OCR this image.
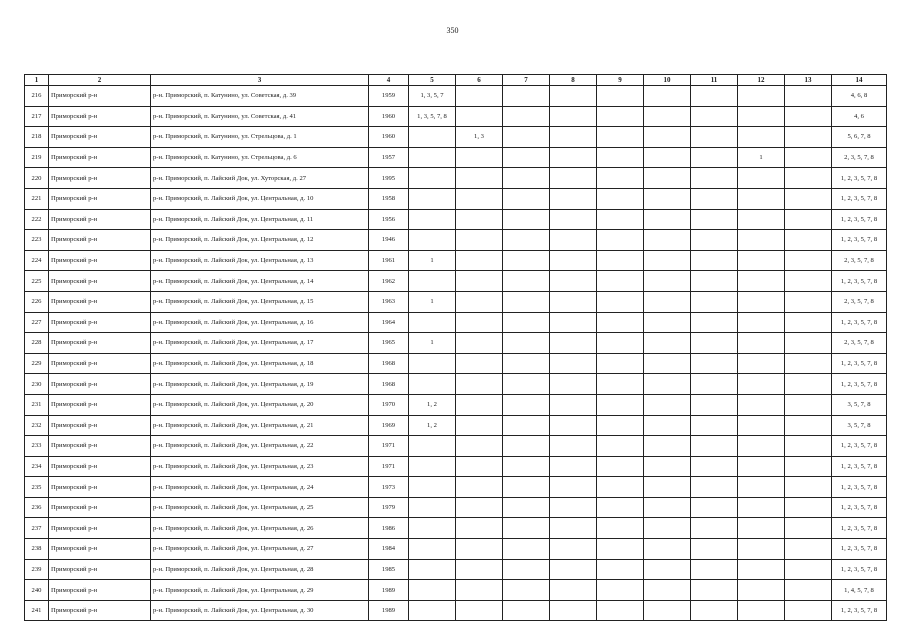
350
1	2	3	4	5	6	7	8	9	10	11	12	13	14
216	Приморский р-н	р-н. Приморский, п. Катунино, ул. Советская, д. 39	1959	1, 3, 5, 7									4, 6, 8
217	Приморский р-н	р-н. Приморский, п. Катунино, ул. Советская, д. 41	1960	1, 3, 5, 7, 8									4, 6
218	Приморский р-н	р-н. Приморский, п. Катунино, ул. Стрельцова, д. 1	1960		1, 3								5, 6, 7, 8
219	Приморский р-н	р-н. Приморский, п. Катунино, ул. Стрельцова, д. 6	1957								1		2, 3, 5, 7, 8
220	Приморский р-н	р-н. Приморский, п. Лайский Док, ул. Хуторская, д. 27	1995										1, 2, 3, 5, 7, 8
221	Приморский р-н	р-н. Приморский, п. Лайский Док, ул. Центральная, д. 10	1958										1, 2, 3, 5, 7, 8
222	Приморский р-н	р-н. Приморский, п. Лайский Док, ул. Центральная, д. 11	1956										1, 2, 3, 5, 7, 8
223	Приморский р-н	р-н. Приморский, п. Лайский Док, ул. Центральная, д. 12	1946										1, 2, 3, 5, 7, 8
224	Приморский р-н	р-н. Приморский, п. Лайский Док, ул. Центральная, д. 13	1961	1									2, 3, 5, 7, 8
225	Приморский р-н	р-н. Приморский, п. Лайский Док, ул. Центральная, д. 14	1962										1, 2, 3, 5, 7, 8
226	Приморский р-н	р-н. Приморский, п. Лайский Док, ул. Центральная, д. 15	1963	1									2, 3, 5, 7, 8
227	Приморский р-н	р-н. Приморский, п. Лайский Док, ул. Центральная, д. 16	1964										1, 2, 3, 5, 7, 8
228	Приморский р-н	р-н. Приморский, п. Лайский Док, ул. Центральная, д. 17	1965	1									2, 3, 5, 7, 8
229	Приморский р-н	р-н. Приморский, п. Лайский Док, ул. Центральная, д. 18	1968										1, 2, 3, 5, 7, 8
230	Приморский р-н	р-н. Приморский, п. Лайский Док, ул. Центральная, д. 19	1968										1, 2, 3, 5, 7, 8
231	Приморский р-н	р-н. Приморский, п. Лайский Док, ул. Центральная, д. 20	1970	1, 2									3, 5, 7, 8
232	Приморский р-н	р-н. Приморский, п. Лайский Док, ул. Центральная, д. 21	1969	1, 2									3, 5, 7, 8
233	Приморский р-н	р-н. Приморский, п. Лайский Док, ул. Центральная, д. 22	1971										1, 2, 3, 5, 7, 8
234	Приморский р-н	р-н. Приморский, п. Лайский Док, ул. Центральная, д. 23	1971										1, 2, 3, 5, 7, 8
235	Приморский р-н	р-н. Приморский, п. Лайский Док, ул. Центральная, д. 24	1973										1, 2, 3, 5, 7, 8
236	Приморский р-н	р-н. Приморский, п. Лайский Док, ул. Центральная, д. 25	1979										1, 2, 3, 5, 7, 8
237	Приморский р-н	р-н. Приморский, п. Лайский Док, ул. Центральная, д. 26	1986										1, 2, 3, 5, 7, 8
238	Приморский р-н	р-н. Приморский, п. Лайский Док, ул. Центральная, д. 27	1984										1, 2, 3, 5, 7, 8
239	Приморский р-н	р-н. Приморский, п. Лайский Док, ул. Центральная, д. 28	1985										1, 2, 3, 5, 7, 8
240	Приморский р-н	р-н. Приморский, п. Лайский Док, ул. Центральная, д. 29	1989										1, 4, 5, 7, 8
241	Приморский р-н	р-н. Приморский, п. Лайский Док, ул. Центральная, д. 30	1989										1, 2, 3, 5, 7, 8
